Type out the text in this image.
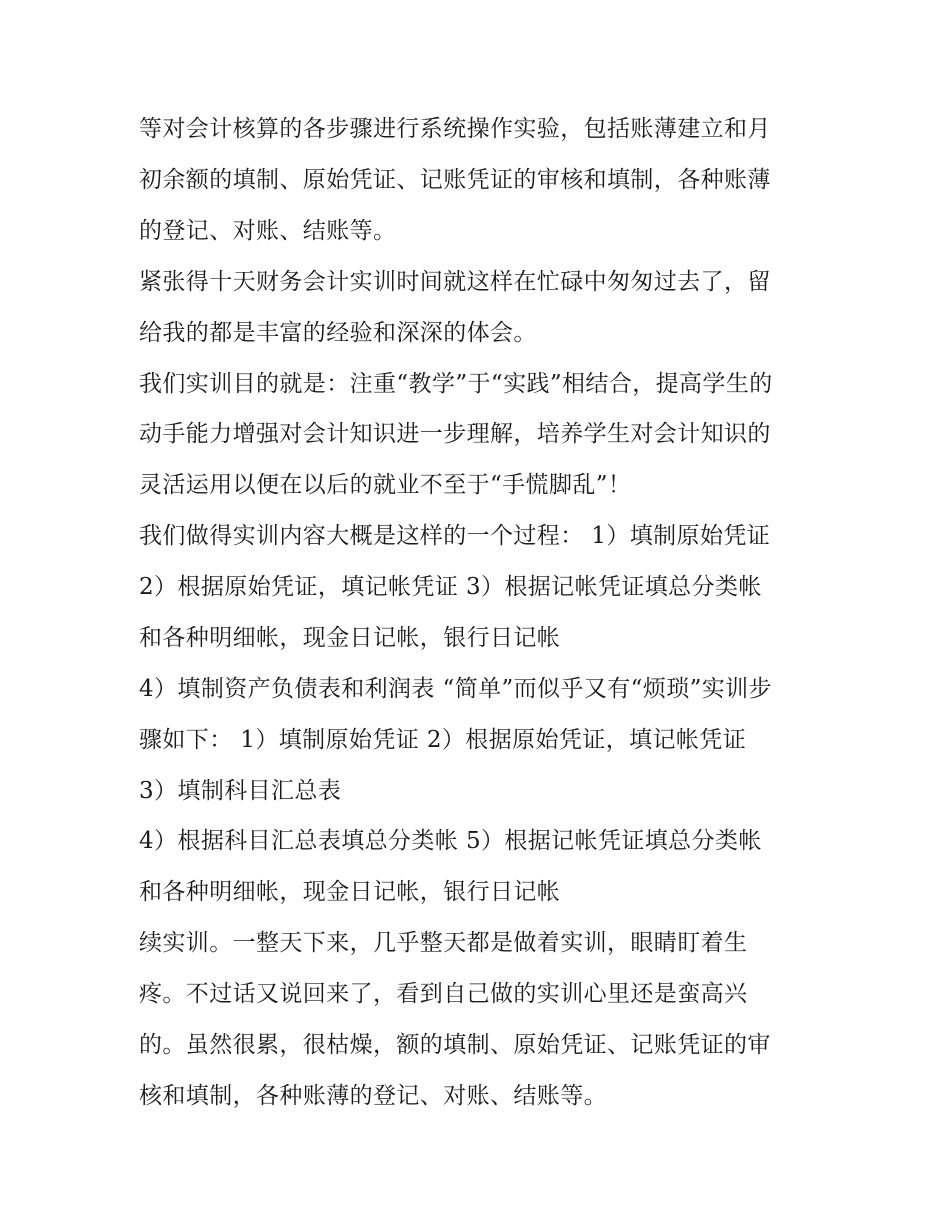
等对会计核算的各步骤进行系统操作实验，包括账薄建立和月

初余额的填制、原始凭证、记账凭证的审核和填制，各种账薄

的登记、对账、结账等。

紧张得十天财务会计实训时间就这样在忙碌中匆匆过去了，留

给我的都是丰富的经验和深深的体会。

我们实训目的就是：注重“教学”于“实践”相结合，提高学生的

动手能力增强对会计知识进一步理解，培养学生对会计知识的

灵活运用以便在以后的就业不至于“手慌脚乱”！

我们做得实训内容大概是这样的一个过程： 1）填制原始凭证

2）根据原始凭证，填记帐凭证 3）根据记帐凭证填总分类帐

和各种明细帐，现金日记帐，银行日记帐

4）填制资产负债表和利润表 “简单”而似乎又有“烦琐”实训步

骤如下： 1）填制原始凭证 2）根据原始凭证，填记帐凭证

3）填制科目汇总表

4）根据科目汇总表填总分类帐 5）根据记帐凭证填总分类帐

和各种明细帐，现金日记帐，银行日记帐

续实训。一整天下来，几乎整天都是做着实训，眼睛盯着生

疼。不过话又说回来了，看到自己做的实训心里还是蛮高兴

的。虽然很累，很枯燥，额的填制、原始凭证、记账凭证的审

核和填制，各种账薄的登记、对账、结账等。
